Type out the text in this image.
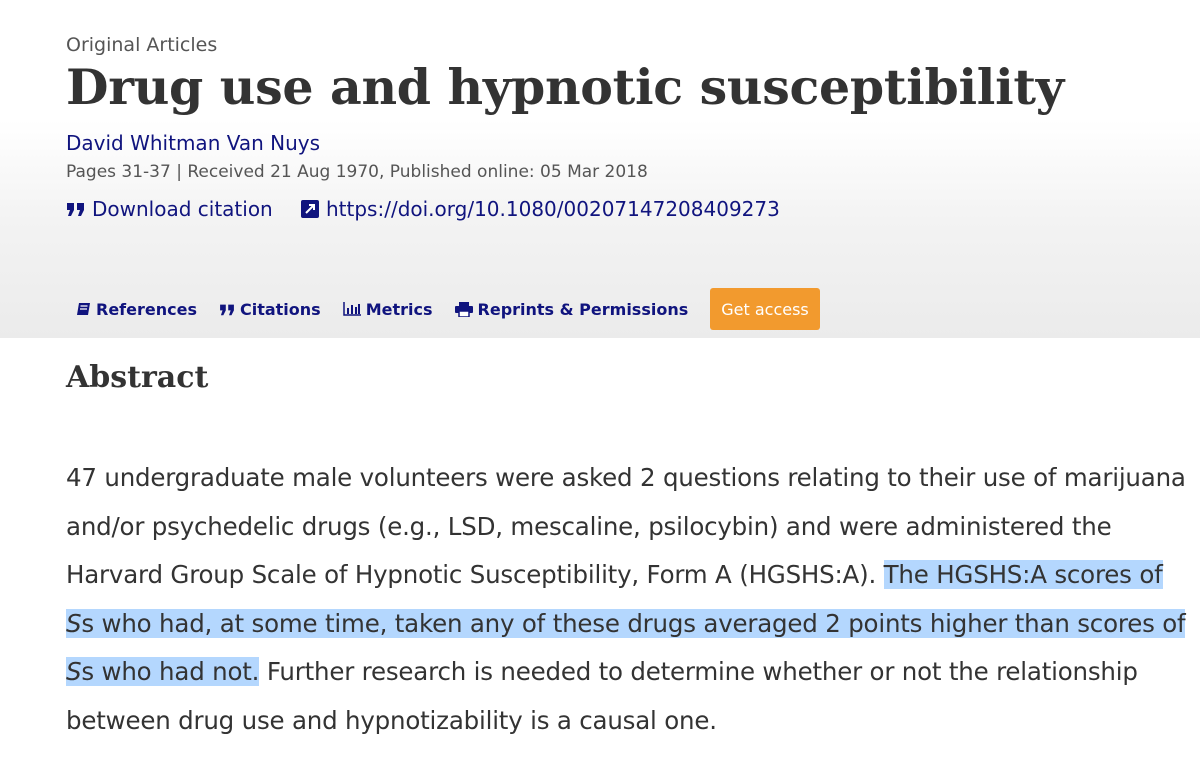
Original Articles
Drug use and hypnotic susceptibility
David Whitman Van Nuys
Pages 31-37 | Received 21 Aug 1970, Published online: 05 Mar 2018
Download citation	https://doi.org/10.1080/00207147208409273
References	Citations	Metrics	Reprints & Permissions	Get access
Abstract

47 undergraduate male volunteers were asked 2 questions relating to their use of marijuana and/or psychedelic drugs (e.g., LSD, mescaline, psilocybin) and were administered the Harvard Group Scale of Hypnotic Susceptibility, Form A (HGSHS:A). The HGSHS:A scores of Ss who had, at some time, taken any of these drugs averaged 2 points higher than scores of Ss who had not. Further research is needed to determine whether or not the relationship between drug use and hypnotizability is a causal one.
